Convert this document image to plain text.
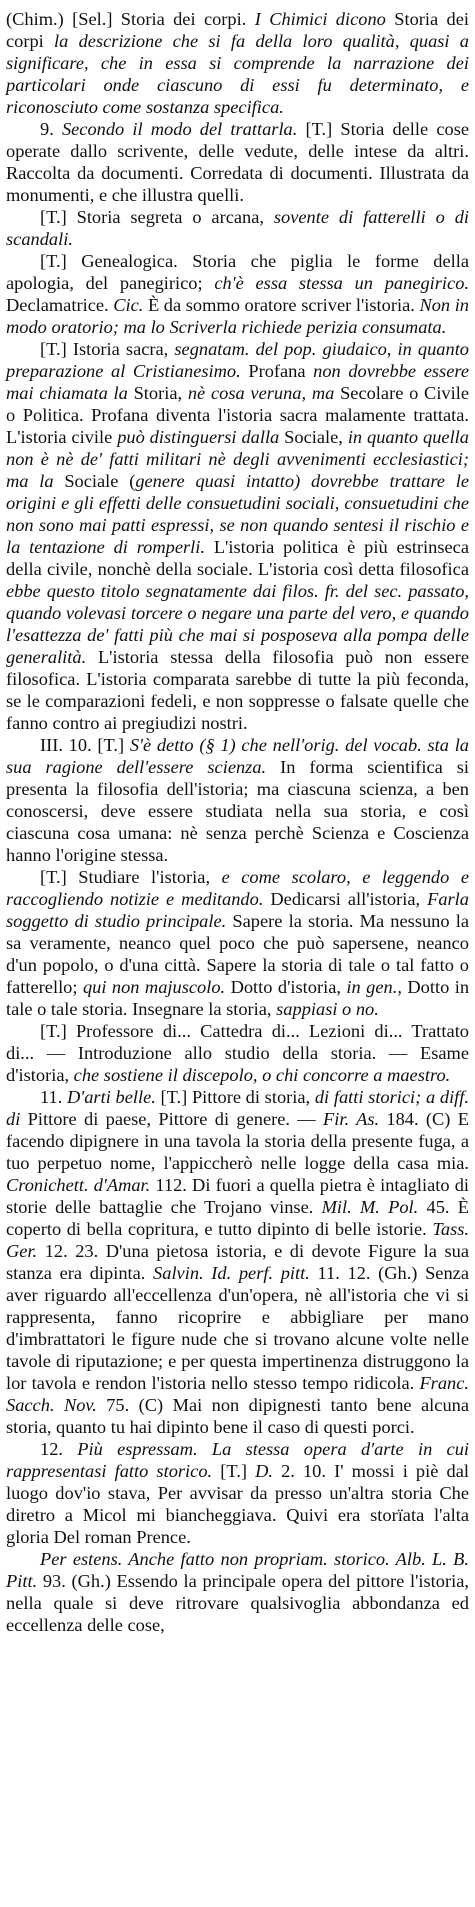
(Chim.) [Sel.] Storia dei corpi. I Chimici dicono Storia dei corpi la descrizione che si fa della loro qualità, quasi a significare, che in essa si comprende la narrazione dei particolari onde ciascuno di essi fu determinato, e riconosciuto come sostanza specifica.

9. Secondo il modo del trattarla. [T.] Storia delle cose operate dallo scrivente, delle vedute, delle intese da altri. Raccolta da documenti. Corredata di documenti. Illustrata da monumenti, e che illustra quelli.

[T.] Storia segreta o arcana, sovente di fatterelli o di scandali.

[T.] Genealogica. Storia che piglia le forme della apologia, del panegirico; ch'è essa stessa un panegirico. Declamatrice. Cic. È da sommo oratore scriver l'istoria. Non in modo oratorio; ma lo Scriverla richiede perizia consumata.

[T.] Istoria sacra, segnatam. del pop. giudaico, in quanto preparazione al Cristianesimo. Profana non dovrebbe essere mai chiamata la Storia, nè cosa veruna, ma Secolare o Civile o Politica. Profana diventa l'istoria sacra malamente trattata. L'istoria civile può distinguersi dalla Sociale, in quanto quella non è nè de' fatti militari nè degli avvenimenti ecclesiastici; ma la Sociale (genere quasi intatto) dovrebbe trattare le origini e gli effetti delle consuetudini sociali, consuetudini che non sono mai patti espressi, se non quando sentesi il rischio e la tentazione di romperli. L'istoria politica è più estrinseca della civile, nonchè della sociale. L'istoria così detta filosofica ebbe questo titolo segnatamente dai filos. fr. del sec. passato, quando volevasi torcere o negare una parte del vero, e quando l'esattezza de' fatti più che mai si posposeva alla pompa delle generalità. L'istoria stessa della filosofia può non essere filosofica. L'istoria comparata sarebbe di tutte la più feconda, se le comparazioni fedeli, e non soppresse o falsate quelle che fanno contro ai pregiudizi nostri.

III. 10. [T.] S'è detto (§ 1) che nell'orig. del vocab. sta la sua ragione dell'essere scienza. In forma scientifica si presenta la filosofia dell'istoria; ma ciascuna scienza, a ben conoscersi, deve essere studiata nella sua storia, e così ciascuna cosa umana: nè senza perchè Scienza e Coscienza hanno l'origine stessa.

[T.] Studiare l'istoria, e come scolaro, e leggendo e raccogliendo notizie e meditando. Dedicarsi all'istoria, Farla soggetto di studio principale. Sapere la storia. Ma nessuno la sa veramente, neanco quel poco che può sapersene, neanco d'un popolo, o d'una città. Sapere la storia di tale o tal fatto o fatterello; qui non majuscolo. Dotto d'istoria, in gen., Dotto in tale o tale storia. Insegnare la storia, sappiasi o no.

[T.] Professore di... Cattedra di... Lezioni di... Trattato di... — Introduzione allo studio della storia. — Esame d'istoria, che sostiene il discepolo, o chi concorre a maestro.

11. D'arti belle. [T.] Pittore di storia, di fatti storici; a diff. di Pittore di paese, Pittore di genere. — Fir. As. 184. (C) E facendo dipignere in una tavola la storia della presente fuga, a tuo perpetuo nome, l'appiccherò nelle logge della casa mia. Cronichett. d'Amar. 112. Di fuori a quella pietra è intagliato di storie delle battaglie che Trojano vinse. Mil. M. Pol. 45. È coperto di bella copritura, e tutto dipinto di belle istorie. Tass. Ger. 12. 23. D'una pietosa istoria, e di devote Figure la sua stanza era dipinta. Salvin. Id. perf. pitt. 11. 12. (Gh.) Senza aver riguardo all'eccellenza d'un'opera, nè all'istoria che vi si rappresenta, fanno ricoprire e abbigliare per mano d'imbrattatori le figure nude che si trovano alcune volte nelle tavole di riputazione; e per questa impertinenza distruggono la lor tavola e rendon l'istoria nello stesso tempo ridicola. Franc. Sacch. Nov. 75. (C) Mai non dipignesti tanto bene alcuna storia, quanto tu hai dipinto bene il caso di questi porci.

12. Più espressam. La stessa opera d'arte in cui rappresentasi fatto storico. [T.] D. 2. 10. I' mossi i piè dal luogo dov'io stava, Per avvisar da presso un'altra storia Che diretro a Micol mi biancheggiava. Quivi era storïata l'alta gloria Del roman Prence.

Per estens. Anche fatto non propriam. storico. Alb. L. B. Pitt. 93. (Gh.) Essendo la principale opera del pittore l'istoria, nella quale si deve ritrovare qualsivoglia abbondanza ed eccellenza delle cose,
